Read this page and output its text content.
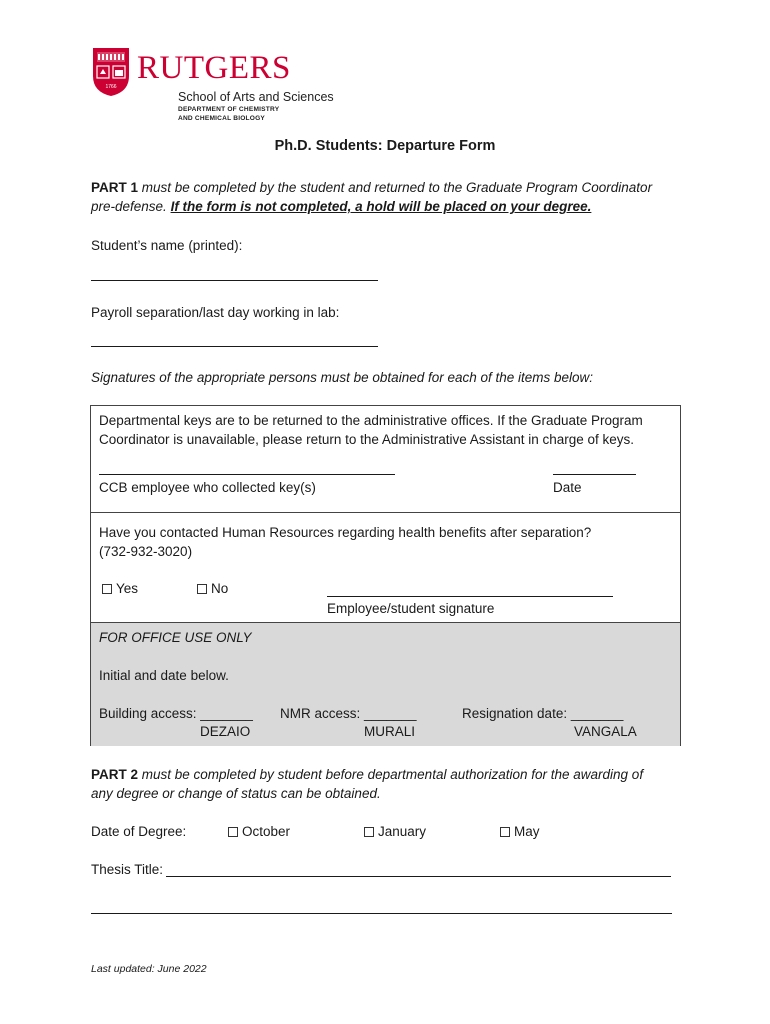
1766
RUTGERS
School of Arts and Sciences
DEPARTMENT OF CHEMISTRY
AND CHEMICAL BIOLOGY
Ph.D. Students: Departure Form
PART 1 must be completed by the student and returned to the Graduate Program Coordinator
pre-defense. If the form is not completed, a hold will be placed on your degree.
Student’s name (printed):
Payroll separation/last day working in lab:
Signatures of the appropriate persons must be obtained for each of the items below:
Departmental keys are to be returned to the administrative offices. If the Graduate Program
Coordinator is unavailable, please return to the Administrative Assistant in charge of keys.
CCB employee who collected key(s)	Date
Have you contacted Human Resources regarding health benefits after separation?
(732-932-3020)
Yes	No
Employee/student signature
FOR OFFICE USE ONLY
Initial and date below.
Building access: _______
DEZAIO
NMR access: _______
MURALI
Resignation date: _______
VANGALA
PART 2 must be completed by student before departmental authorization for the awarding of
any degree or change of status can be obtained.
Date of Degree:	October	January	May
Thesis Title:
Last updated: June 2022
